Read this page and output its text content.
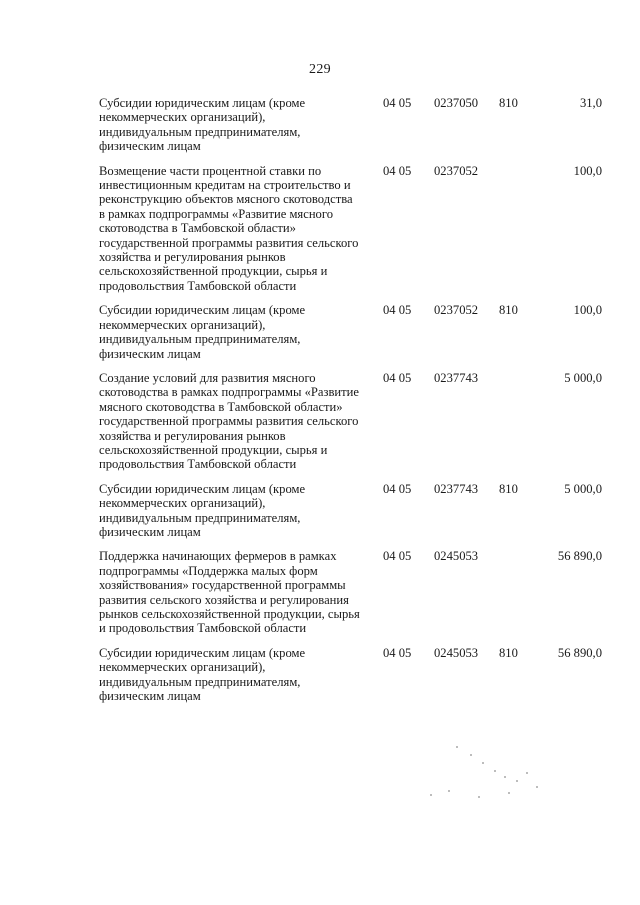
229
Субсидии юридическим лицам (кроме некоммерческих организаций), индивидуальным предпринимателям, физическим лицам
04 05 0237050 810	31,0
Возмещение части процентной ставки по инвестиционным кредитам на строительство и реконструкцию объектов мясного скотоводства в рамках подпрограммы «Развитие мясного скотоводства в Тамбовской области» государственной программы развития сельского хозяйства и регулирования рынков сельскохозяйственной продукции, сырья и продовольствия Тамбовской области
04 05 0237052	100,0
Субсидии юридическим лицам (кроме некоммерческих организаций), индивидуальным предпринимателям, физическим лицам
04 05 0237052 810	100,0
Создание условий для развития мясного скотоводства в рамках подпрограммы «Развитие мясного скотоводства в Тамбовской области» государственной программы развития сельского хозяйства и регулирования рынков сельскохозяйственной продукции, сырья и продовольствия Тамбовской области
04 05 0237743	5 000,0
Субсидии юридическим лицам (кроме некоммерческих организаций), индивидуальным предпринимателям, физическим лицам
04 05 0237743 810	5 000,0
Поддержка начинающих фермеров в рамках подпрограммы «Поддержка малых форм хозяйствования» государственной программы развития сельского хозяйства и регулирования рынков сельскохозяйственной продукции, сырья и продовольствия Тамбовской области
04 05 0245053	56 890,0
Субсидии юридическим лицам (кроме некоммерческих организаций), индивидуальным предпринимателям, физическим лицам
04 05 0245053 810	56 890,0
